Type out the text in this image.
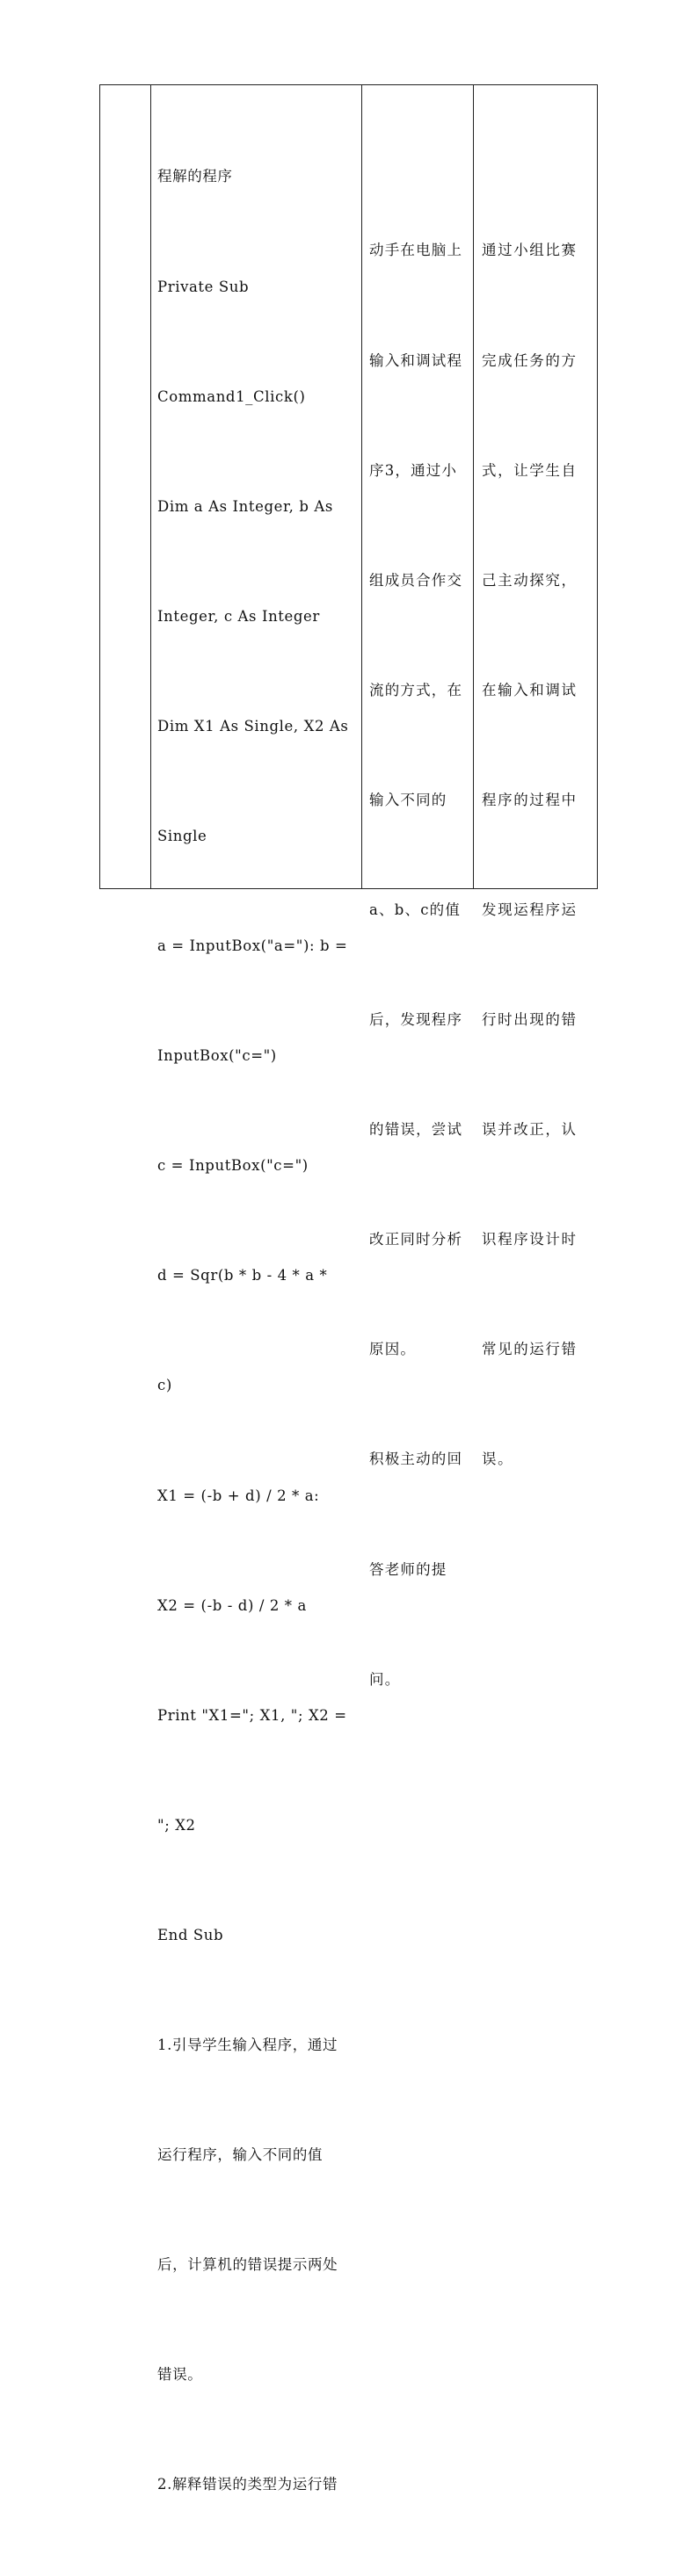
程解的程序

Private Sub

Command1_Click()

Dim a As Integer, b As

Integer, c As Integer

Dim X1 As Single, X2 As

Single

a = InputBox("a="): b =

InputBox("c=")

c = InputBox("c=")

d = Sqr(b * b - 4 * a *

c)

X1 = (-b + d) / 2 * a:

X2 = (-b - d) / 2 * a

Print "X1="; X1, "; X2 =

"; X2

End Sub

1.引导学生输入程序，通过

运行程序，输入不同的值

后，计算机的错误提示两处

错误。

2.解释错误的类型为运行错

动手在电脑上

输入和调试程

序3，通过小

组成员合作交

流的方式，在

输入不同的

a、b、c的值

后，发现程序

的错误，尝试

改正同时分析

原因。

积极主动的回

答老师的提

问。

通过小组比赛

完成任务的方

式，让学生自

己主动探究，

在输入和调试

程序的过程中

发现运程序运

行时出现的错

误并改正，认

识程序设计时

常见的运行错

误。
